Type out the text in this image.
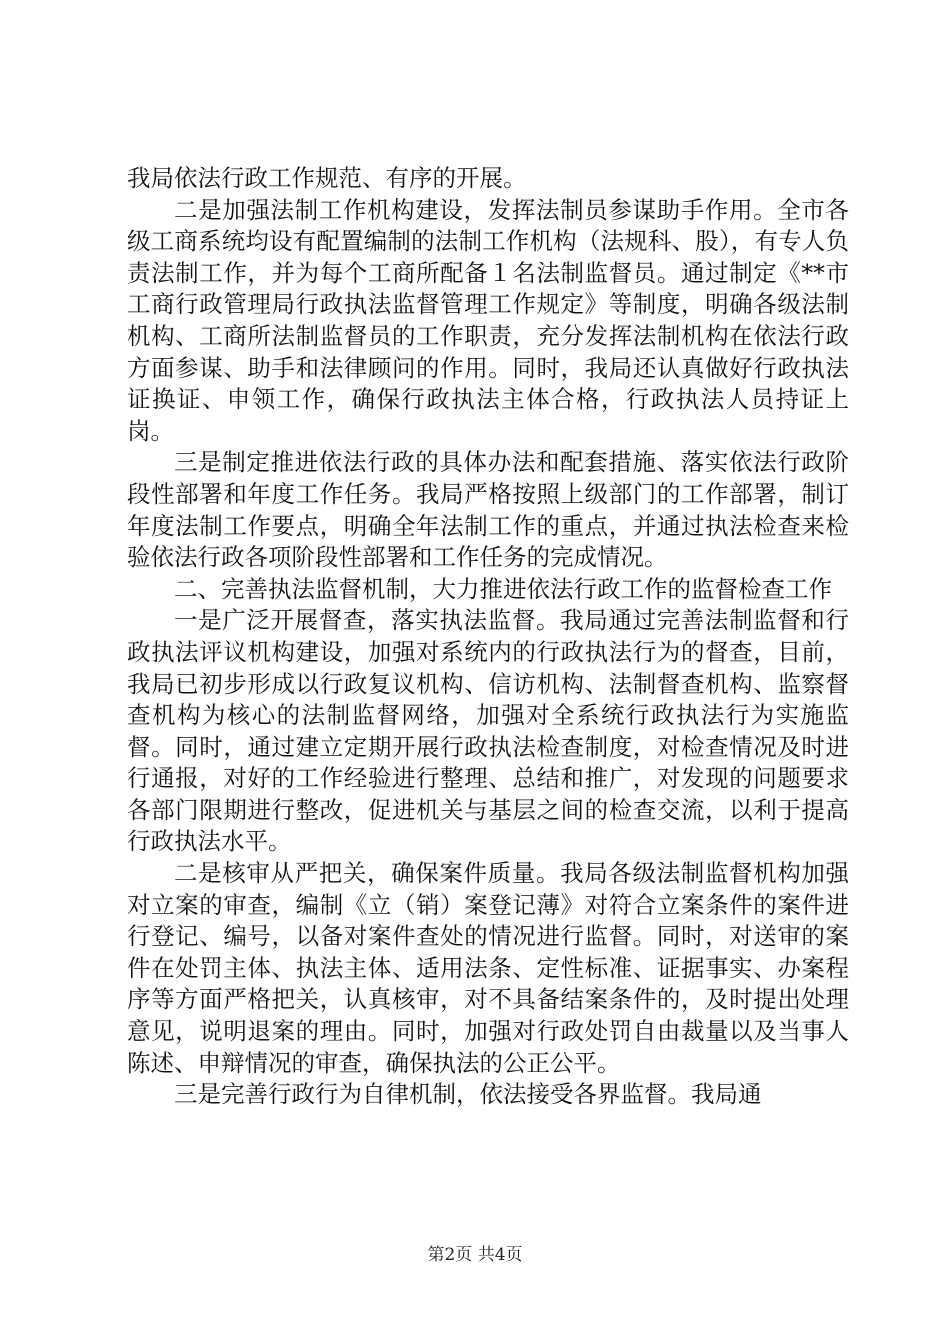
我局依法行政工作规范、有序的开展。

二是加强法制工作机构建设，发挥法制员参谋助手作用。全市各级工商系统均设有配置编制的法制工作机构（法规科、股），有专人负责法制工作，并为每个工商所配备１名法制监督员。通过制定《**市工商行政管理局行政执法监督管理工作规定》等制度，明确各级法制机构、工商所法制监督员的工作职责，充分发挥法制机构在依法行政方面参谋、助手和法律顾问的作用。同时，我局还认真做好行政执法证换证、申领工作，确保行政执法主体合格，行政执法人员持证上岗。

三是制定推进依法行政的具体办法和配套措施、落实依法行政阶段性部署和年度工作任务。我局严格按照上级部门的工作部署，制订年度法制工作要点，明确全年法制工作的重点，并通过执法检查来检验依法行政各项阶段性部署和工作任务的完成情况。

二、完善执法监督机制，大力推进依法行政工作的监督检查工作

一是广泛开展督查，落实执法监督。我局通过完善法制监督和行政执法评议机构建设，加强对系统内的行政执法行为的督查，目前，我局已初步形成以行政复议机构、信访机构、法制督查机构、监察督查机构为核心的法制监督网络，加强对全系统行政执法行为实施监督。同时，通过建立定期开展行政执法检查制度，对检查情况及时进行通报，对好的工作经验进行整理、总结和推广，对发现的问题要求各部门限期进行整改，促进机关与基层之间的检查交流，以利于提高行政执法水平。

二是核审从严把关，确保案件质量。我局各级法制监督机构加强对立案的审查，编制《立（销）案登记薄》对符合立案条件的案件进行登记、编号，以备对案件查处的情况进行监督。同时，对送审的案件在处罚主体、执法主体、适用法条、定性标准、证据事实、办案程序等方面严格把关，认真核审，对不具备结案条件的，及时提出处理意见，说明退案的理由。同时，加强对行政处罚自由裁量以及当事人陈述、申辩情况的审查，确保执法的公正公平。

三是完善行政行为自律机制，依法接受各界监督。我局通

第2页 共4页
